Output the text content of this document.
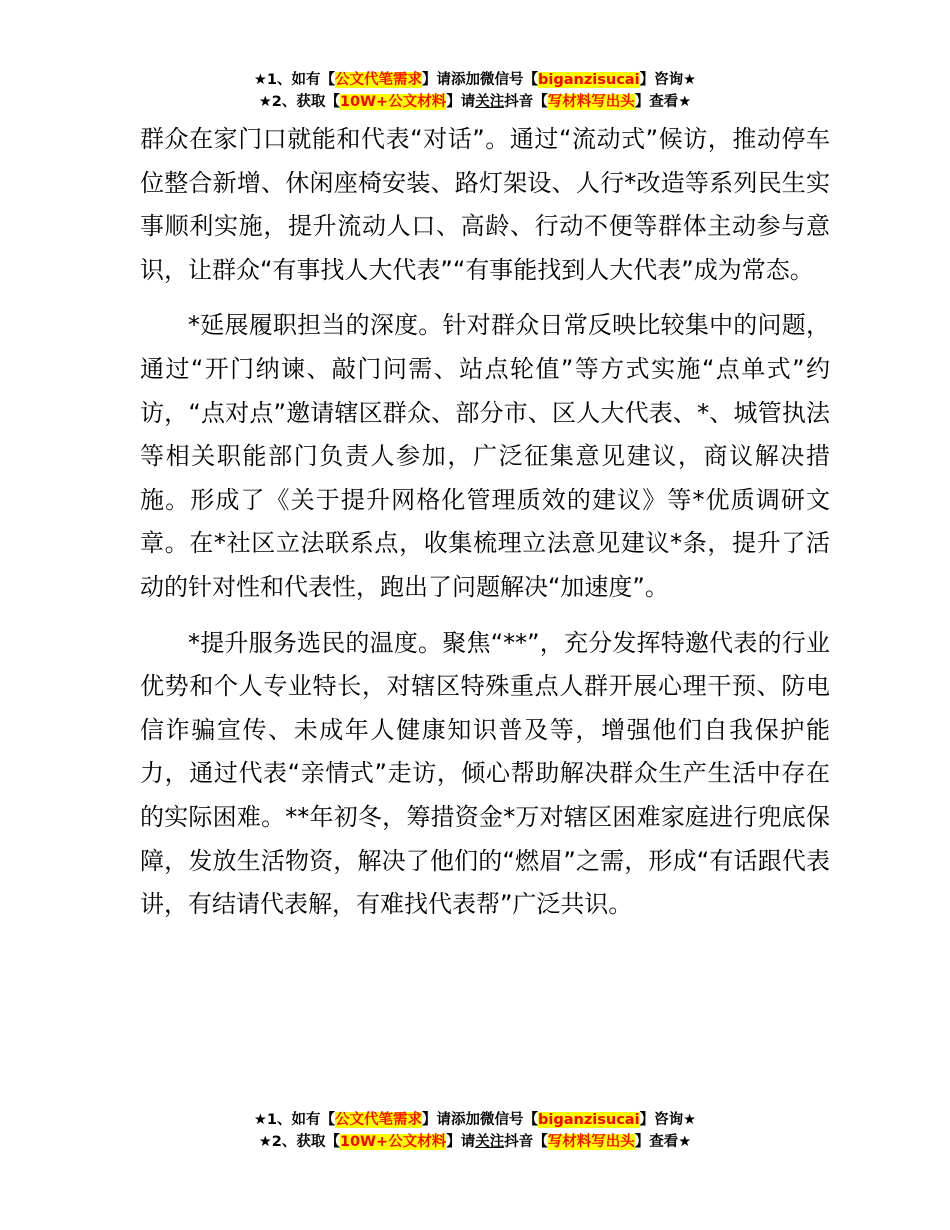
★1、如有【公文代笔需求】请添加微信号【biganzisucai】咨询★
★2、获取【10W+公文材料】请关注抖音【写材料写出头】查看★

群众在家门口就能和代表“对话”。通过“流动式”候访，推动停车位整合新增、休闲座椅安装、路灯架设、人行*改造等系列民生实事顺利实施，提升流动人口、高龄、行动不便等群体主动参与意识，让群众“有事找人大代表”“有事能找到人大代表”成为常态。

*延展履职担当的深度。针对群众日常反映比较集中的问题，通过“开门纳谏、敲门问需、站点轮值”等方式实施“点单式”约访，“点对点”邀请辖区群众、部分市、区人大代表、*、城管执法等相关职能部门负责人参加，广泛征集意见建议，商议解决措施。形成了《关于提升网格化管理质效的建议》等*优质调研文章。在*社区立法联系点，收集梳理立法意见建议*条，提升了活动的针对性和代表性，跑出了问题解决“加速度”。

*提升服务选民的温度。聚焦“**”，充分发挥特邀代表的行业优势和个人专业特长，对辖区特殊重点人群开展心理干预、防电信诈骗宣传、未成年人健康知识普及等，增强他们自我保护能力，通过代表“亲情式”走访，倾心帮助解决群众生产生活中存在的实际困难。**年初冬，筹措资金*万对辖区困难家庭进行兜底保障，发放生活物资，解决了他们的“燃眉”之需，形成“有话跟代表讲，有结请代表解，有难找代表帮”广泛共识。

★1、如有【公文代笔需求】请添加微信号【biganzisucai】咨询★
★2、获取【10W+公文材料】请关注抖音【写材料写出头】查看★
